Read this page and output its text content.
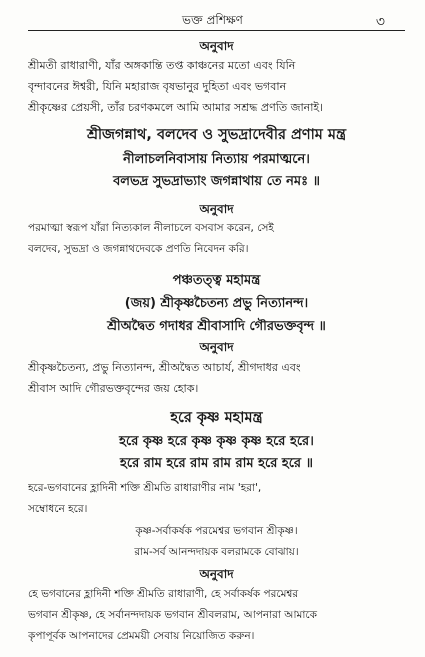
ভক্ত প্রশিক্ষণ	৩
অনুবাদ
শ্রীমতী রাধারাণী, যাঁর অঙ্গকান্তি তপ্ত কাঞ্চনের মতো এবং যিনি
বৃন্দাবনের ঈশ্বরী, যিনি মহারাজ বৃষভানুর দুহিতা এবং ভগবান
শ্রীকৃষ্ণের প্রেয়সী, তাঁর চরণকমলে আমি আমার সশ্রদ্ধ প্রণতি জানাই।
শ্রীজগন্নাথ, বলদেব ও সুভদ্রাদেবীর প্রণাম মন্ত্র
নীলাচলনিবাসায় নিত্যায় পরমাত্মনে।
বলভদ্র সুভদ্রাভ্যাং জগন্নাথায় তে নমঃ ॥
অনুবাদ
পরমাত্মা স্বরূপ যাঁরা নিত্যকাল নীলাচলে বসবাস করেন, সেই
বলদেব, সুভদ্রা ও জগন্নাথদেবকে প্রণতি নিবেদন করি।
পঞ্চতত্ত্ব মহামন্ত্র
(জয়) শ্রীকৃষ্ণচৈতন্য প্রভু নিত্যানন্দ।
শ্রীঅদ্বৈত গদাধর শ্রীবাসাদি গৌরভক্তবৃন্দ ॥
অনুবাদ
শ্রীকৃষ্ণচৈতন্য, প্রভু নিত্যানন্দ, শ্রীঅদ্বৈত আচার্য, শ্রীগদাধর এবং
শ্রীবাস আদি গৌরভক্তবৃন্দের জয় হোক।
হরে কৃষ্ণ মহামন্ত্র
হরে কৃষ্ণ হরে কৃষ্ণ কৃষ্ণ কৃষ্ণ হরে হরে।
হরে রাম হরে রাম রাম রাম হরে হরে ॥
হরে-ভগবানের হ্লাদিনী শক্তি শ্রীমতি রাধারাণীর নাম 'হরা',
সম্বোধনে হরে।
কৃষ্ণ-সর্বাকর্ষক পরমেশ্বর ভগবান শ্রীকৃষ্ণ।
রাম-সর্ব আনন্দদায়ক বলরামকে বোঝায়।
অনুবাদ
হে ভগবানের হ্লাদিনী শক্তি শ্রীমতি রাধারাণী, হে সর্বাকর্ষক পরমেশ্বর
ভগবান শ্রীকৃষ্ণ, হে সর্বানন্দদায়ক ভগবান শ্রীবলরাম, আপনারা আমাকে
কৃপাপূর্বক আপনাদের প্রেমময়ী সেবায় নিয়োজিত করুন।
